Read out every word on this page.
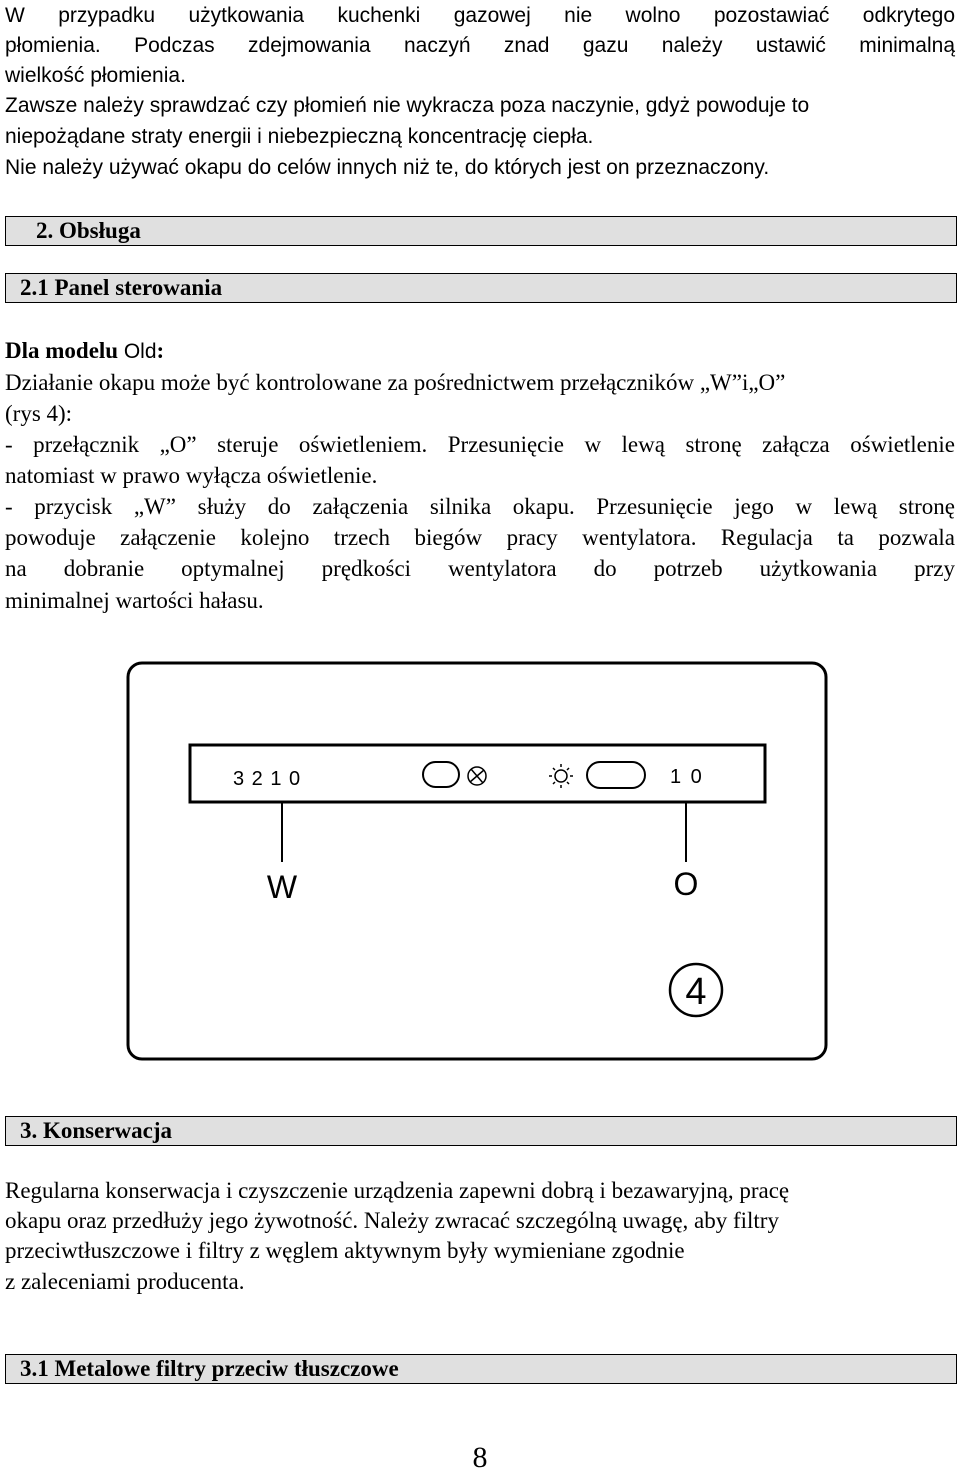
W przypadku użytkowania kuchenki gazowej nie wolno pozostawiać odkrytego
płomienia. Podczas zdejmowania naczyń znad gazu należy ustawić minimalną
wielkość płomienia.
Zawsze należy sprawdzać czy płomień nie wykracza poza naczynie, gdyż powoduje to
niepożądane straty energii i niebezpieczną koncentrację ciepła.
Nie należy używać okapu do celów innych niż te, do których jest on przeznaczony.
2. Obsługa
2.1 Panel sterowania
Dla modelu Old:
Działanie okapu może być kontrolowane za pośrednictwem przełączników „W”i„O”
(rys 4):
- przełącznik „O” steruje oświetleniem. Przesunięcie w lewą stronę załącza oświetlenie
natomiast w prawo wyłącza oświetlenie.
- przycisk „W” służy do załączenia silnika okapu. Przesunięcie jego w lewą stronę
powoduje załączenie kolejno trzech biegów pracy wentylatora. Regulacja ta pozwala
na dobranie optymalnej prędkości wentylatora do potrzeb użytkowania przy
minimalnej wartości hałasu.
3 2 1 0	1 0
W	O
4
3. Konserwacja
Regularna konserwacja i czyszczenie urządzenia zapewni dobrą i bezawaryjną, pracę
okapu oraz przedłuży jego żywotność. Należy zwracać szczególną uwagę, aby filtry
przeciwtłuszczowe i filtry z węglem aktywnym były wymieniane zgodnie
z zaleceniami producenta.
3.1 Metalowe filtry przeciw tłuszczowe
8
